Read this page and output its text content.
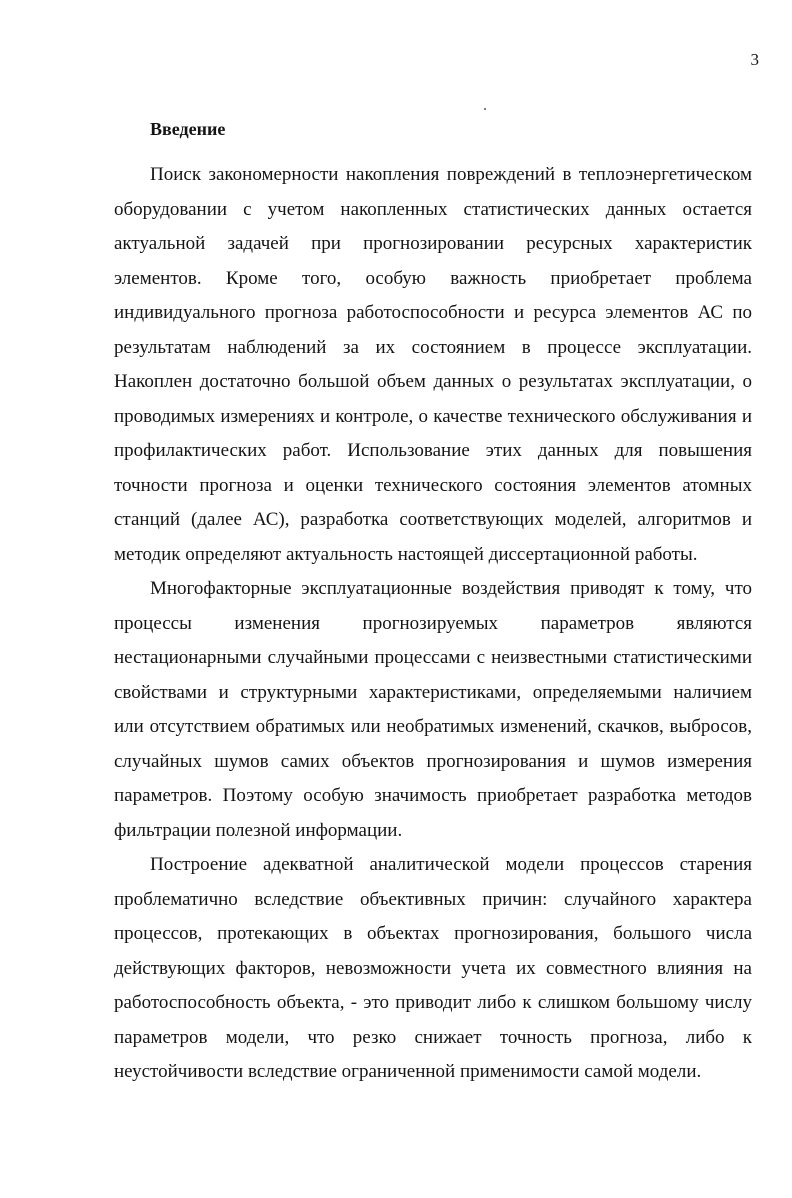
3
Введение

Поиск закономерности накопления повреждений в теплоэнергетическом оборудовании с учетом накопленных статистических данных остается актуальной задачей при прогнозировании ресурсных характеристик элементов. Кроме того, особую важность приобретает проблема индивидуального прогноза работоспособности и ресурса элементов АС по результатам наблюдений за их состоянием в процессе эксплуатации. Накоплен достаточно большой объем данных о результатах эксплуатации, о проводимых измерениях и контроле, о качестве технического обслуживания и профилактических работ. Использование этих данных для повышения точности прогноза и оценки технического состояния элементов атомных станций (далее АС), разработка соответствующих моделей, алгоритмов и методик определяют актуальность настоящей диссертационной работы.

Многофакторные эксплуатационные воздействия приводят к тому, что процессы изменения прогнозируемых параметров являются нестационарными случайными процессами с неизвестными статистическими свойствами и структурными характеристиками, определяемыми наличием или отсутствием обратимых или необратимых изменений, скачков, выбросов, случайных шумов самих объектов прогнозирования и шумов измерения параметров. Поэтому особую значимость приобретает разработка методов фильтрации полезной информации.

Построение адекватной аналитической модели процессов старения проблематично вследствие объективных причин: случайного характера процессов, протекающих в объектах прогнозирования, большого числа действующих факторов, невозможности учета их совместного влияния на работоспособность объекта, - это приводит либо к слишком большому числу параметров модели, что резко снижает точность прогноза, либо к неустойчивости вследствие ограниченной применимости самой модели.
